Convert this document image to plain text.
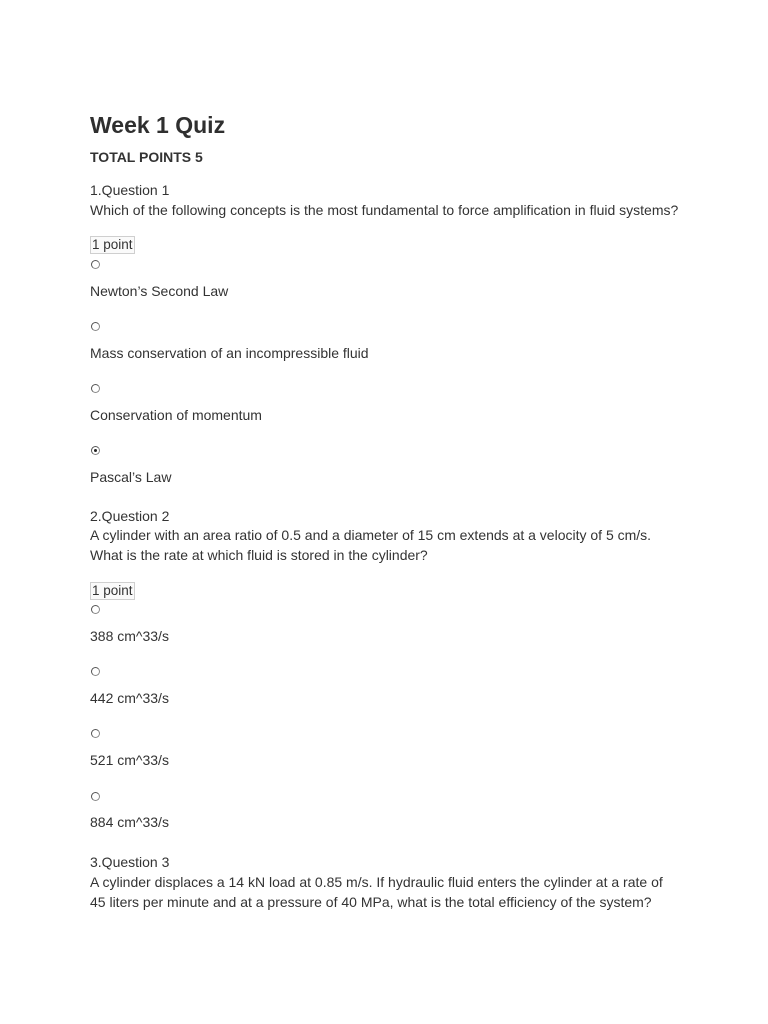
Week 1 Quiz
TOTAL POINTS 5
1.Question 1
Which of the following concepts is the most fundamental to force amplification in fluid systems?
1 point
Newton’s Second Law
Mass conservation of an incompressible fluid
Conservation of momentum
Pascal’s Law
2.Question 2
A cylinder with an area ratio of 0.5 and a diameter of 15 cm extends at a velocity of 5 cm/s. What is the rate at which fluid is stored in the cylinder?
1 point
388 cm^33/s
442 cm^33/s
521 cm^33/s
884 cm^33/s
3.Question 3
A cylinder displaces a 14 kN load at 0.85 m/s. If hydraulic fluid enters the cylinder at a rate of 45 liters per minute and at a pressure of 40 MPa, what is the total efficiency of the system?
